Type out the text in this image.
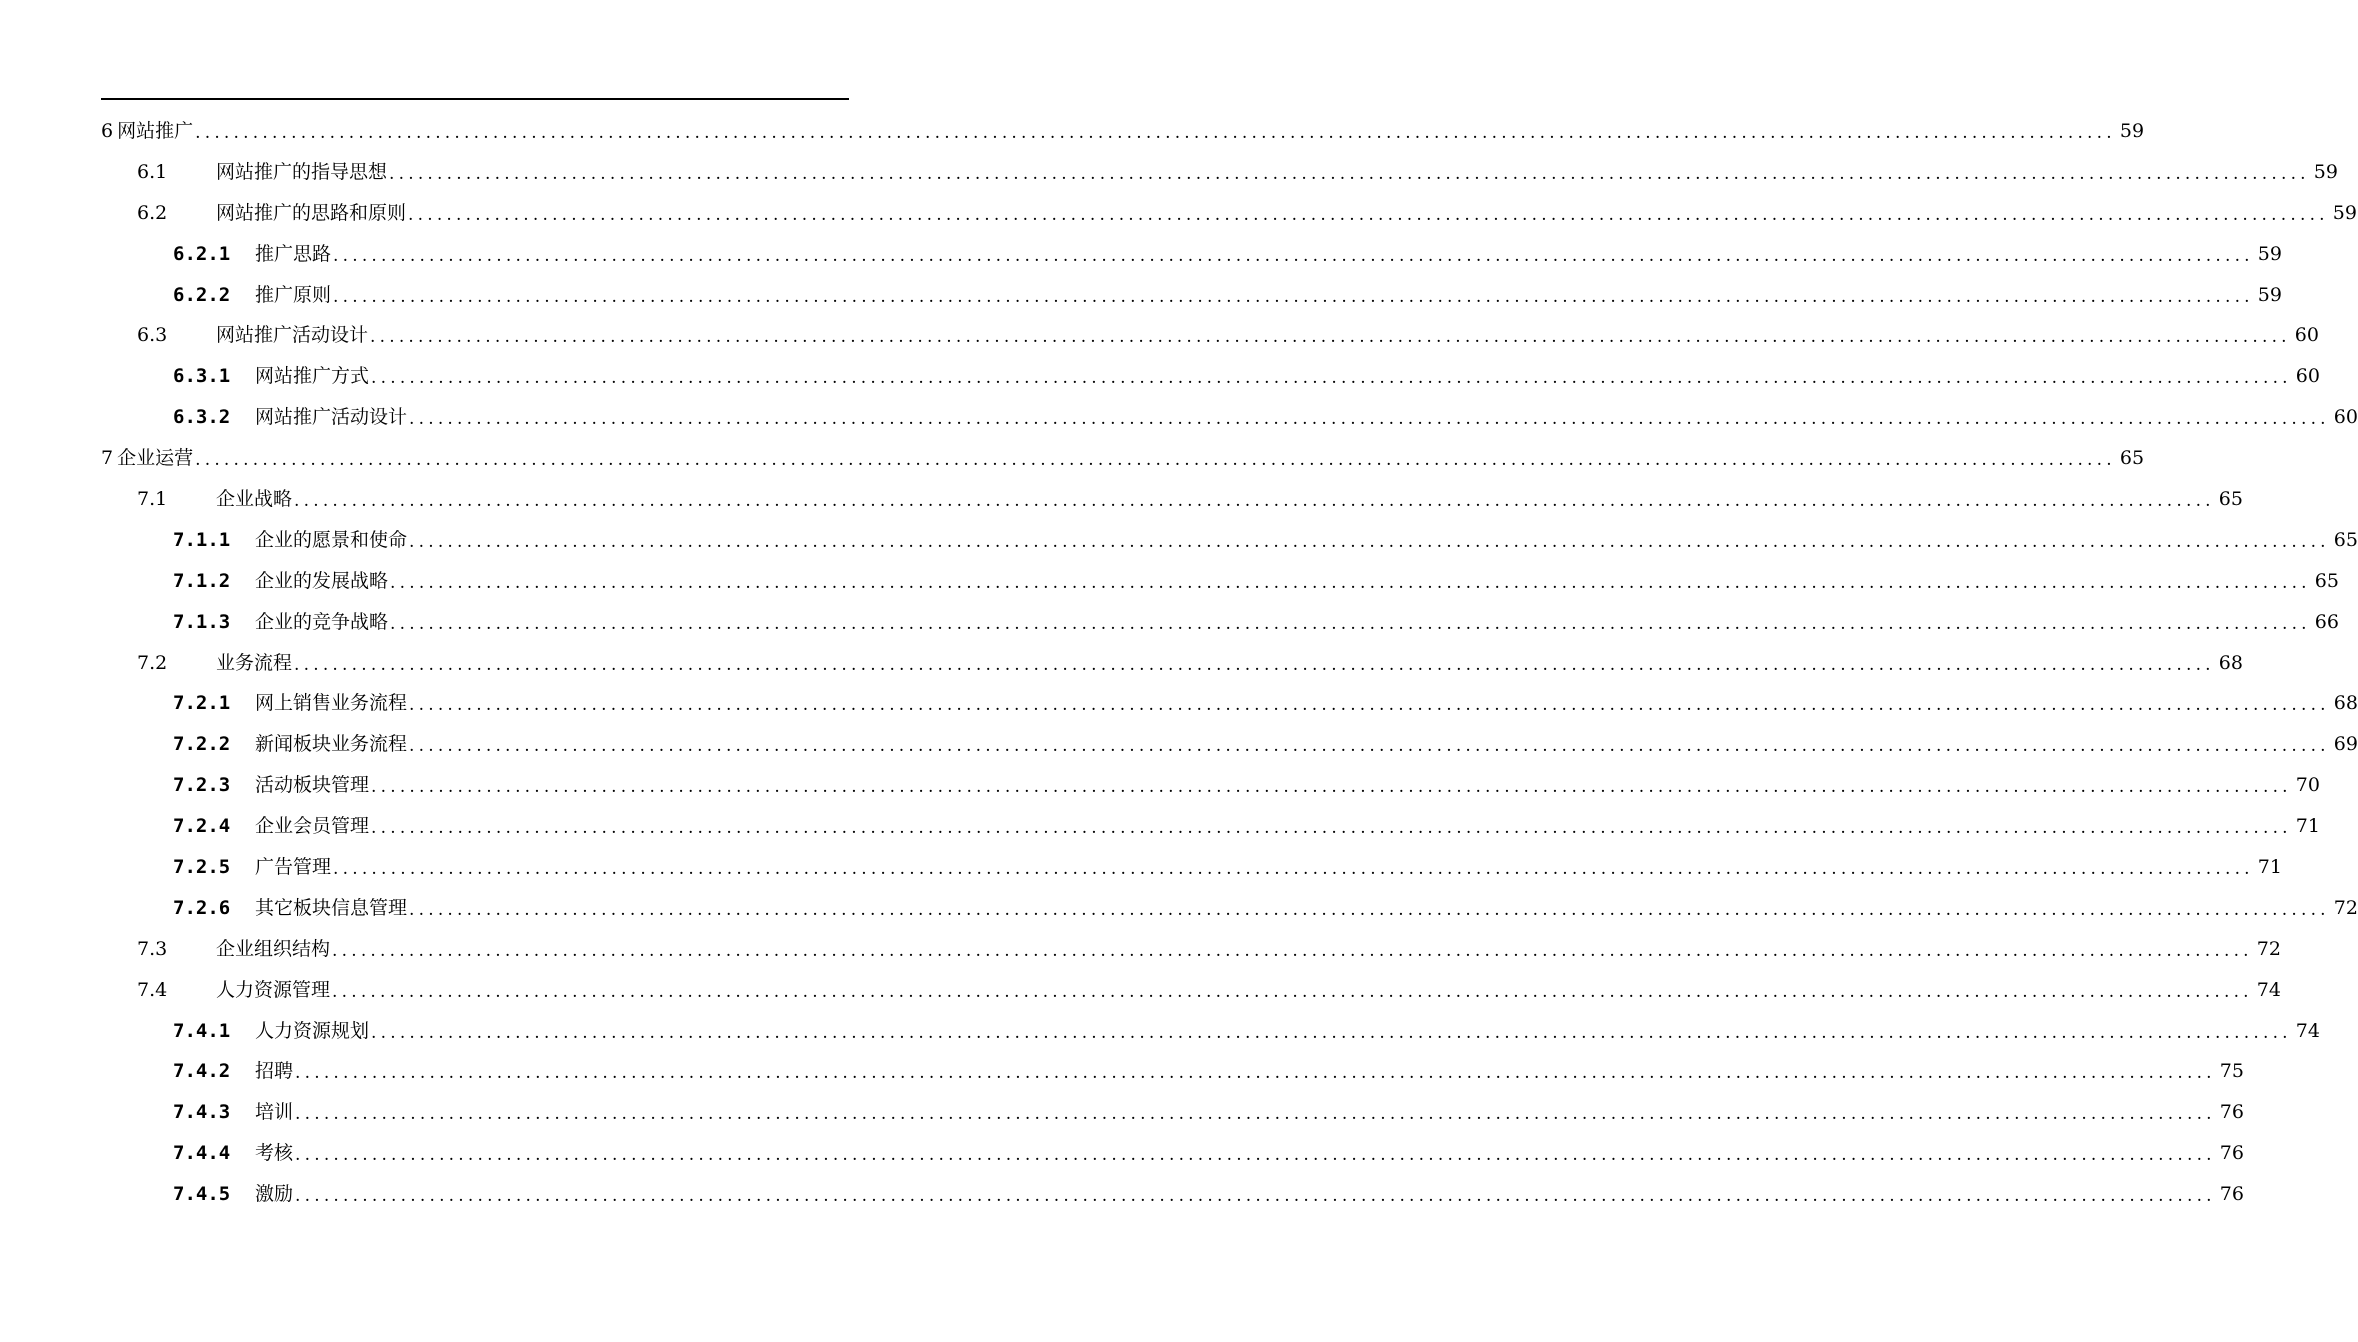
6 网站推广 ........................................................................................................................................................................................................ 59
6.1	网站推广的指导思想 ........................................................................................................................................................................................................ 59
6.2	网站推广的思路和原则 ........................................................................................................................................................................................................ 59
6.2.1	推广思路 ........................................................................................................................................................................................................ 59
6.2.2	推广原则 ........................................................................................................................................................................................................ 59
6.3	网站推广活动设计 ........................................................................................................................................................................................................ 60
6.3.1	网站推广方式 ........................................................................................................................................................................................................ 60
6.3.2	网站推广活动设计 ........................................................................................................................................................................................................ 60
7 企业运营 ........................................................................................................................................................................................................ 65
7.1	企业战略 ........................................................................................................................................................................................................ 65
7.1.1	企业的愿景和使命 ........................................................................................................................................................................................................ 65
7.1.2	企业的发展战略 ........................................................................................................................................................................................................ 65
7.1.3	企业的竞争战略 ........................................................................................................................................................................................................ 66
7.2	业务流程 ........................................................................................................................................................................................................ 68
7.2.1	网上销售业务流程 ........................................................................................................................................................................................................ 68
7.2.2	新闻板块业务流程 ........................................................................................................................................................................................................ 69
7.2.3	活动板块管理 ........................................................................................................................................................................................................ 70
7.2.4	企业会员管理 ........................................................................................................................................................................................................ 71
7.2.5	广告管理 ........................................................................................................................................................................................................ 71
7.2.6	其它板块信息管理 ........................................................................................................................................................................................................ 72
7.3	企业组织结构 ........................................................................................................................................................................................................ 72
7.4	人力资源管理 ........................................................................................................................................................................................................ 74
7.4.1	人力资源规划 ........................................................................................................................................................................................................ 74
7.4.2	招聘 ........................................................................................................................................................................................................ 75
7.4.3	培训 ........................................................................................................................................................................................................ 76
7.4.4	考核 ........................................................................................................................................................................................................ 76
7.4.5	激励 ........................................................................................................................................................................................................ 76
